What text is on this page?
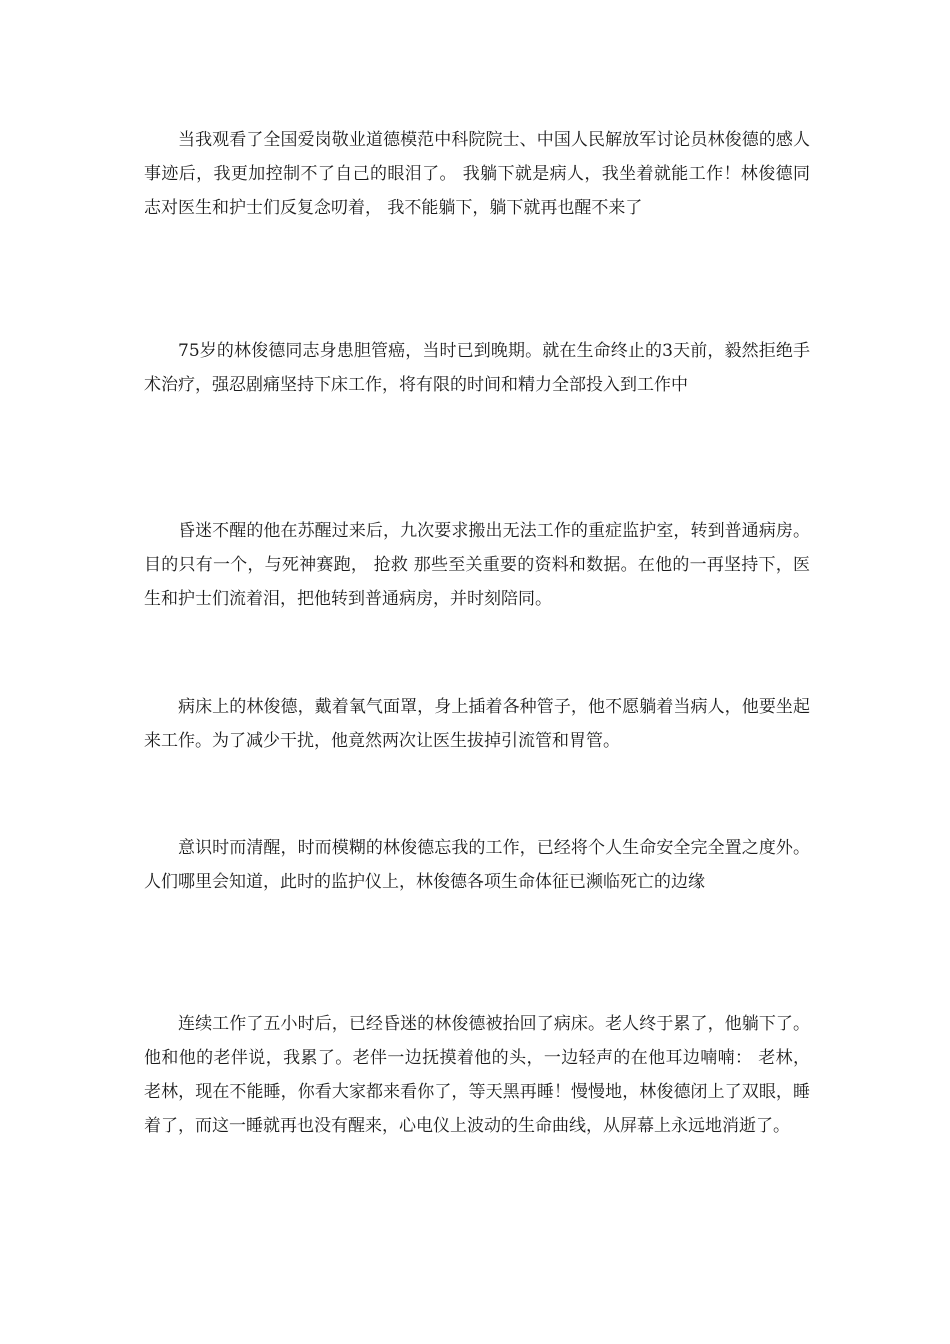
当我观看了全国爱岗敬业道德模范中科院院士、中国人民解放军讨论员林俊德的感人事迹后，我更加控制不了自己的眼泪了。 我躺下就是病人，我坐着就能工作！林俊德同志对医生和护士们反复念叨着， 我不能躺下，躺下就再也醒不来了

75岁的林俊德同志身患胆管癌，当时已到晚期。就在生命终止的3天前，毅然拒绝手术治疗，强忍剧痛坚持下床工作，将有限的时间和精力全部投入到工作中

昏迷不醒的他在苏醒过来后，九次要求搬出无法工作的重症监护室，转到普通病房。目的只有一个，与死神赛跑， 抢救 那些至关重要的资料和数据。在他的一再坚持下，医生和护士们流着泪，把他转到普通病房，并时刻陪同。

病床上的林俊德，戴着氧气面罩，身上插着各种管子，他不愿躺着当病人，他要坐起来工作。为了减少干扰，他竟然两次让医生拔掉引流管和胃管。

意识时而清醒，时而模糊的林俊德忘我的工作，已经将个人生命安全完全置之度外。人们哪里会知道，此时的监护仪上，林俊德各项生命体征已濒临死亡的边缘

连续工作了五小时后，已经昏迷的林俊德被抬回了病床。老人终于累了，他躺下了。他和他的老伴说，我累了。老伴一边抚摸着他的头，一边轻声的在他耳边喃喃： 老林，老林，现在不能睡，你看大家都来看你了，等天黑再睡！慢慢地，林俊德闭上了双眼，睡着了，而这一睡就再也没有醒来，心电仪上波动的生命曲线，从屏幕上永远地消逝了。
